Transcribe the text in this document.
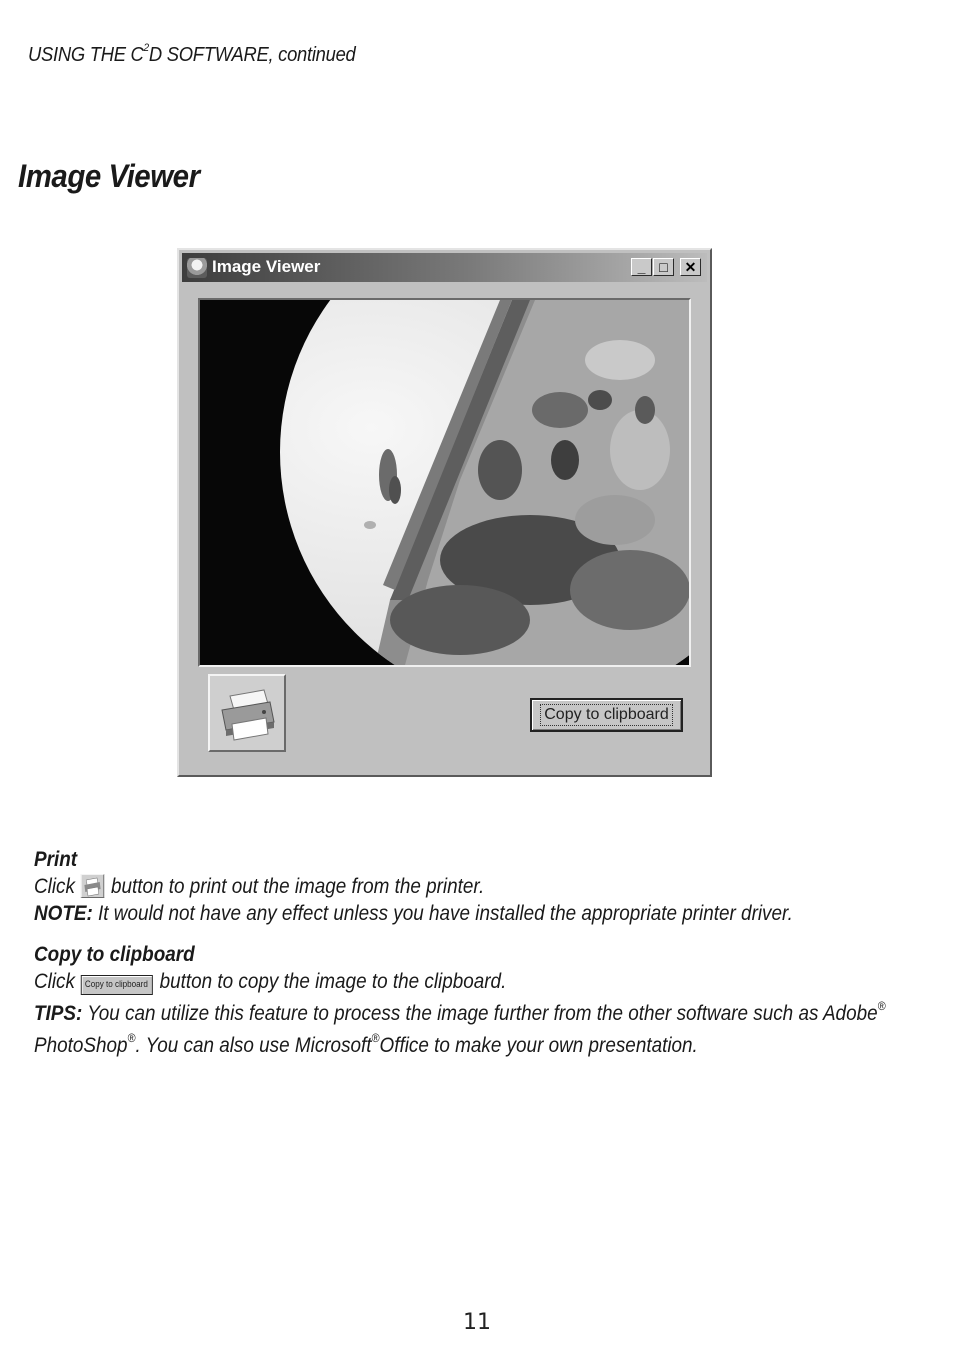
USING THE $C^2D$ SOFTWARE, continued
Image Viewer
Image Viewer	_ □	✕
Copy to clipboard
Print
Click button to print out the image from the printer.
NOTE: It would not have any effect unless you have installed the appropriate printer driver.
Copy to clipboard
Click Copy to clipboard button to copy the image to the clipboard.
TIPS: You can utilize this feature to process the image further from the other software such as Adobe®
PhotoShop®. You can also use Microsoft®Office to make your own presentation.
11
